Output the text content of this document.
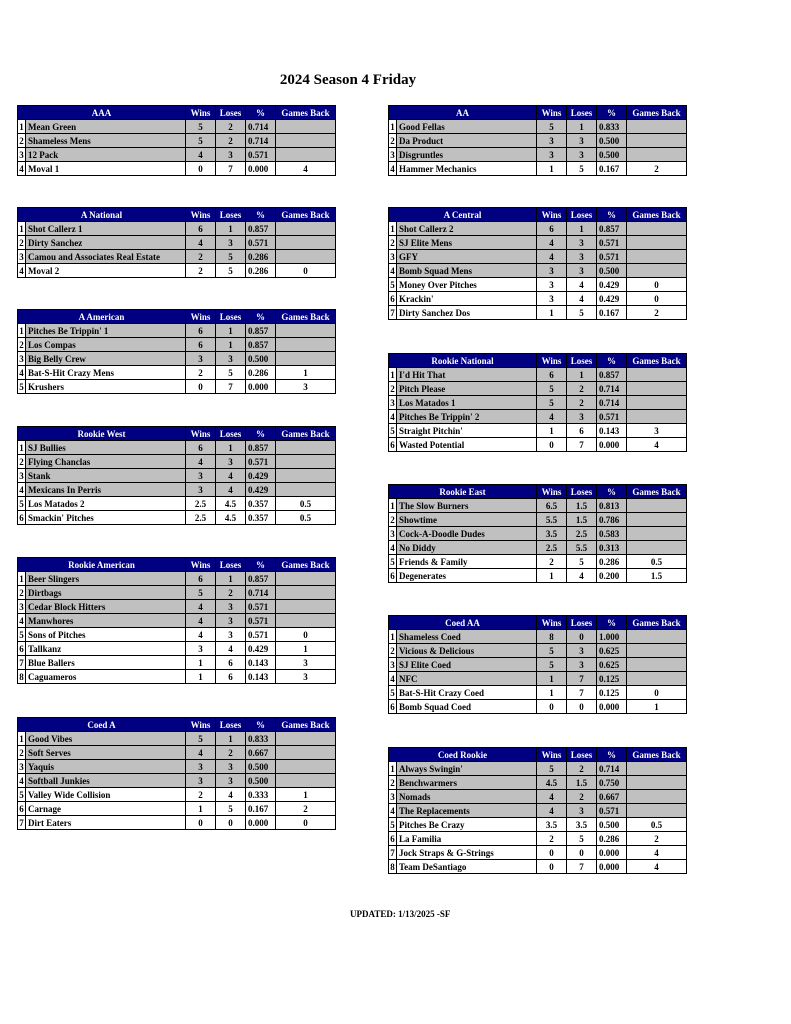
2024 Season 4 Friday
AAA		Wins	Loses	%	Games Back
1	Mean Green	5	2	0.714	
2	Shameless Mens	5	2	0.714	
3	12 Pack	4	3	0.571	
4	Moval 1	0	7	0.000	4
A National		Wins	Loses	%	Games Back
1	Shot Callerz 1	6	1	0.857	
2	Dirty Sanchez	4	3	0.571	
3	Camou and Associates Real Estate	2	5	0.286	
4	Moval 2	2	5	0.286	0
A American		Wins	Loses	%	Games Back
1	Pitches Be Trippin' 1	6	1	0.857	
2	Los Compas	6	1	0.857	
3	Big Belly Crew	3	3	0.500	
4	Bat-S-Hit Crazy Mens	2	5	0.286	1
5	Krushers	0	7	0.000	3
Rookie West		Wins	Loses	%	Games Back
1	SJ Bullies	6	1	0.857	
2	Flying Chanclas	4	3	0.571	
3	Stank	3	4	0.429	
4	Mexicans In Perris	3	4	0.429	
5	Los Matados 2	2.5	4.5	0.357	0.5
6	Smackin' Pitches	2.5	4.5	0.357	0.5
Rookie American		Wins	Loses	%	Games Back
1	Beer Slingers	6	1	0.857	
2	Dirtbags	5	2	0.714	
3	Cedar Block Hitters	4	3	0.571	
4	Manwhores	4	3	0.571	
5	Sons of Pitches	4	3	0.571	0
6	Tallkanz	3	4	0.429	1
7	Blue Ballers	1	6	0.143	3
8	Caguameros	1	6	0.143	3
Coed A		Wins	Loses	%	Games Back
1	Good Vibes	5	1	0.833	
2	Soft Serves	4	2	0.667	
3	Yaquis	3	3	0.500	
4	Softball Junkies	3	3	0.500	
5	Valley Wide Collision	2	4	0.333	1
6	Carnage	1	5	0.167	2
7	Dirt Eaters	0	0	0.000	0
AA		Wins	Loses	%	Games Back
1	Good Fellas	5	1	0.833	
2	Da Product	3	3	0.500	
3	Disgruntles	3	3	0.500	
4	Hammer Mechanics	1	5	0.167	2
A Central		Wins	Loses	%	Games Back
1	Shot Callerz 2	6	1	0.857	
2	SJ Elite Mens	4	3	0.571	
3	GFY	4	3	0.571	
4	Bomb Squad Mens	3	3	0.500	
5	Money Over Pitches	3	4	0.429	0
6	Krackin'	3	4	0.429	0
7	Dirty Sanchez Dos	1	5	0.167	2
Rookie National		Wins	Loses	%	Games Back
1	I'd Hit That	6	1	0.857	
2	Pitch Please	5	2	0.714	
3	Los Matados 1	5	2	0.714	
4	Pitches Be Trippin' 2	4	3	0.571	
5	Straight Pitchin'	1	6	0.143	3
6	Wasted Potential	0	7	0.000	4
Rookie East		Wins	Loses	%	Games Back
1	The Slow Burners	6.5	1.5	0.813	
2	Showtime	5.5	1.5	0.786	
3	Cock-A-Doodle Dudes	3.5	2.5	0.583	
4	No Diddy	2.5	5.5	0.313	
5	Friends & Family	2	5	0.286	0.5
6	Degenerates	1	4	0.200	1.5
Coed AA		Wins	Loses	%	Games Back
1	Shameless Coed	8	0	1.000	
2	Vicious & Delicious	5	3	0.625	
3	SJ Elite Coed	5	3	0.625	
4	NFC	1	7	0.125	
5	Bat-S-Hit Crazy Coed	1	7	0.125	0
6	Bomb Squad Coed	0	0	0.000	1
Coed Rookie		Wins	Loses	%	Games Back
1	Always Swingin'	5	2	0.714	
2	Benchwarmers	4.5	1.5	0.750	
3	Nomads	4	2	0.667	
4	The Replacements	4	3	0.571	
5	Pitches Be Crazy	3.5	3.5	0.500	0.5
6	La Familia	2	5	0.286	2
7	Jock Straps & G-Strings	0	0	0.000	4
8	Team DeSantiago	0	7	0.000	4
UPDATED: 1/13/2025 -SF
